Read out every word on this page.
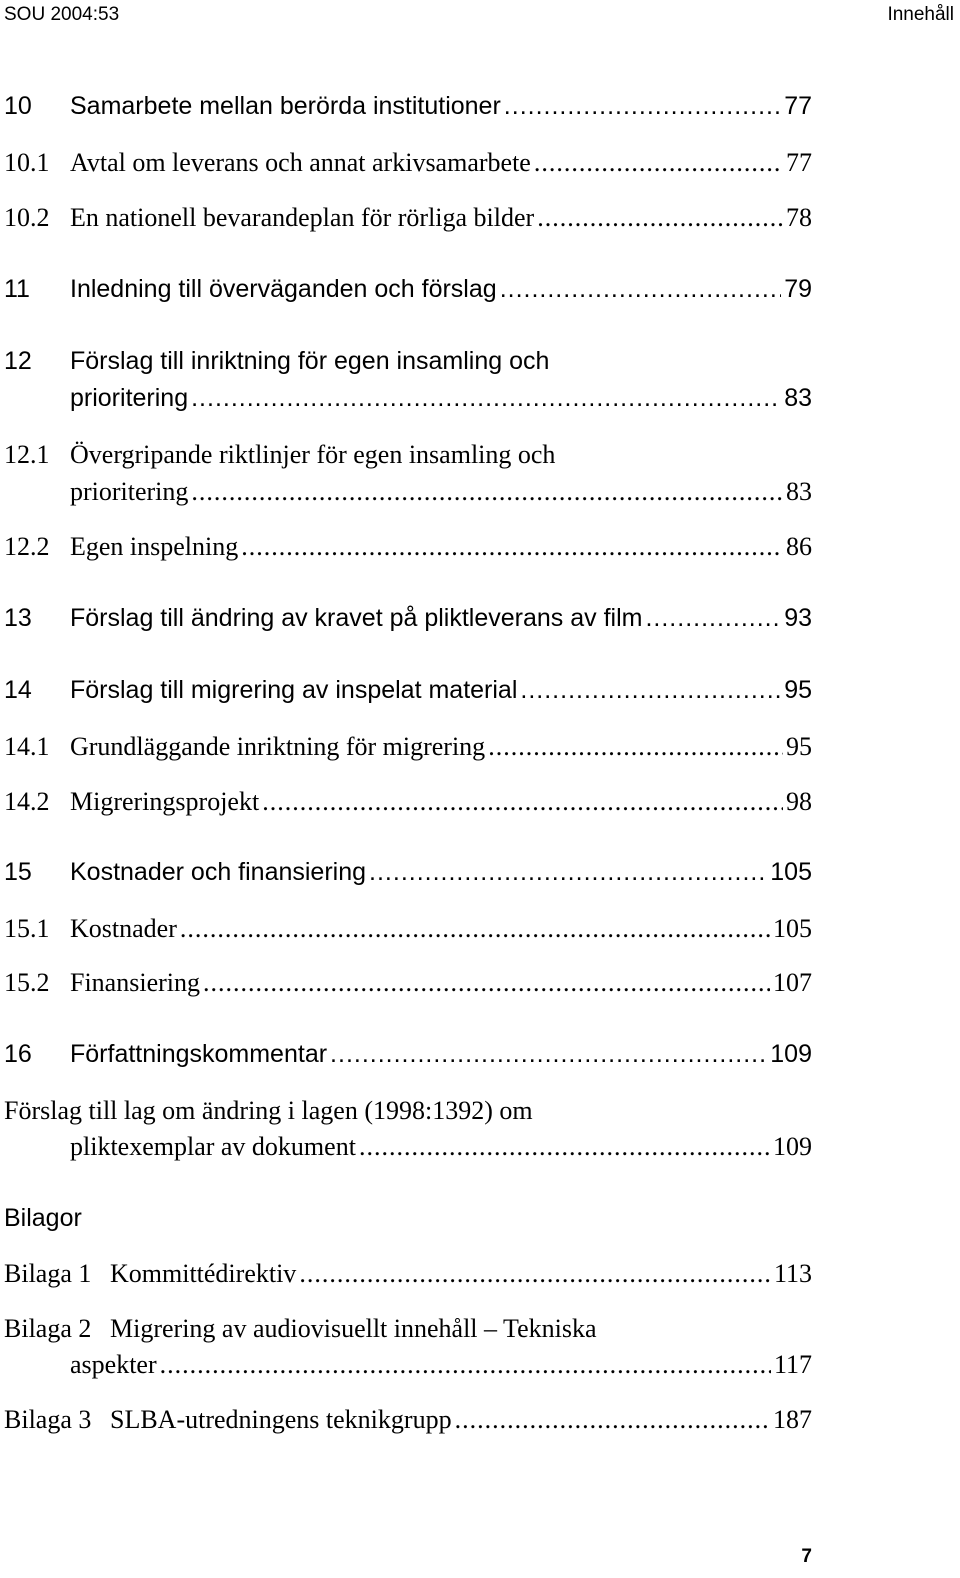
SOU 2004:53	Innehåll
10	Samarbete mellan berörda institutioner .....	77
10.1 Avtal om leverans och annat arkivsamarbete .....	77
10.2 En nationell bevarandeplan för rörliga bilder .....	78
11	Inledning till överväganden och förslag .....	79
12 Förslag till inriktning för egen insamling och
prioritering .....	83
12.1 Övergripande riktlinjer för egen insamling och
prioritering .....	83
12.2 Egen inspelning .....	86
13	Förslag till ändring av kravet på pliktleverans av film .....	93
14	Förslag till migrering av inspelat material .....	95
14.1 Grundläggande inriktning för migrering .....	95
14.2 Migreringsprojekt .....	98
15	Kostnader och finansiering .....	105
15.1 Kostnader .....	105
15.2 Finansiering .....	107
16	Författningskommentar .....	109
Förslag till lag om ändring i lagen (1998:1392) om
pliktexemplar av dokument .....	109
Bilagor
Bilaga 1 Kommittédirektiv .....	113
Bilaga 2 Migrering av audiovisuellt innehåll – Tekniska
aspekter .....	117
Bilaga 3 SLBA-utredningens teknikgrupp .....	187
7
